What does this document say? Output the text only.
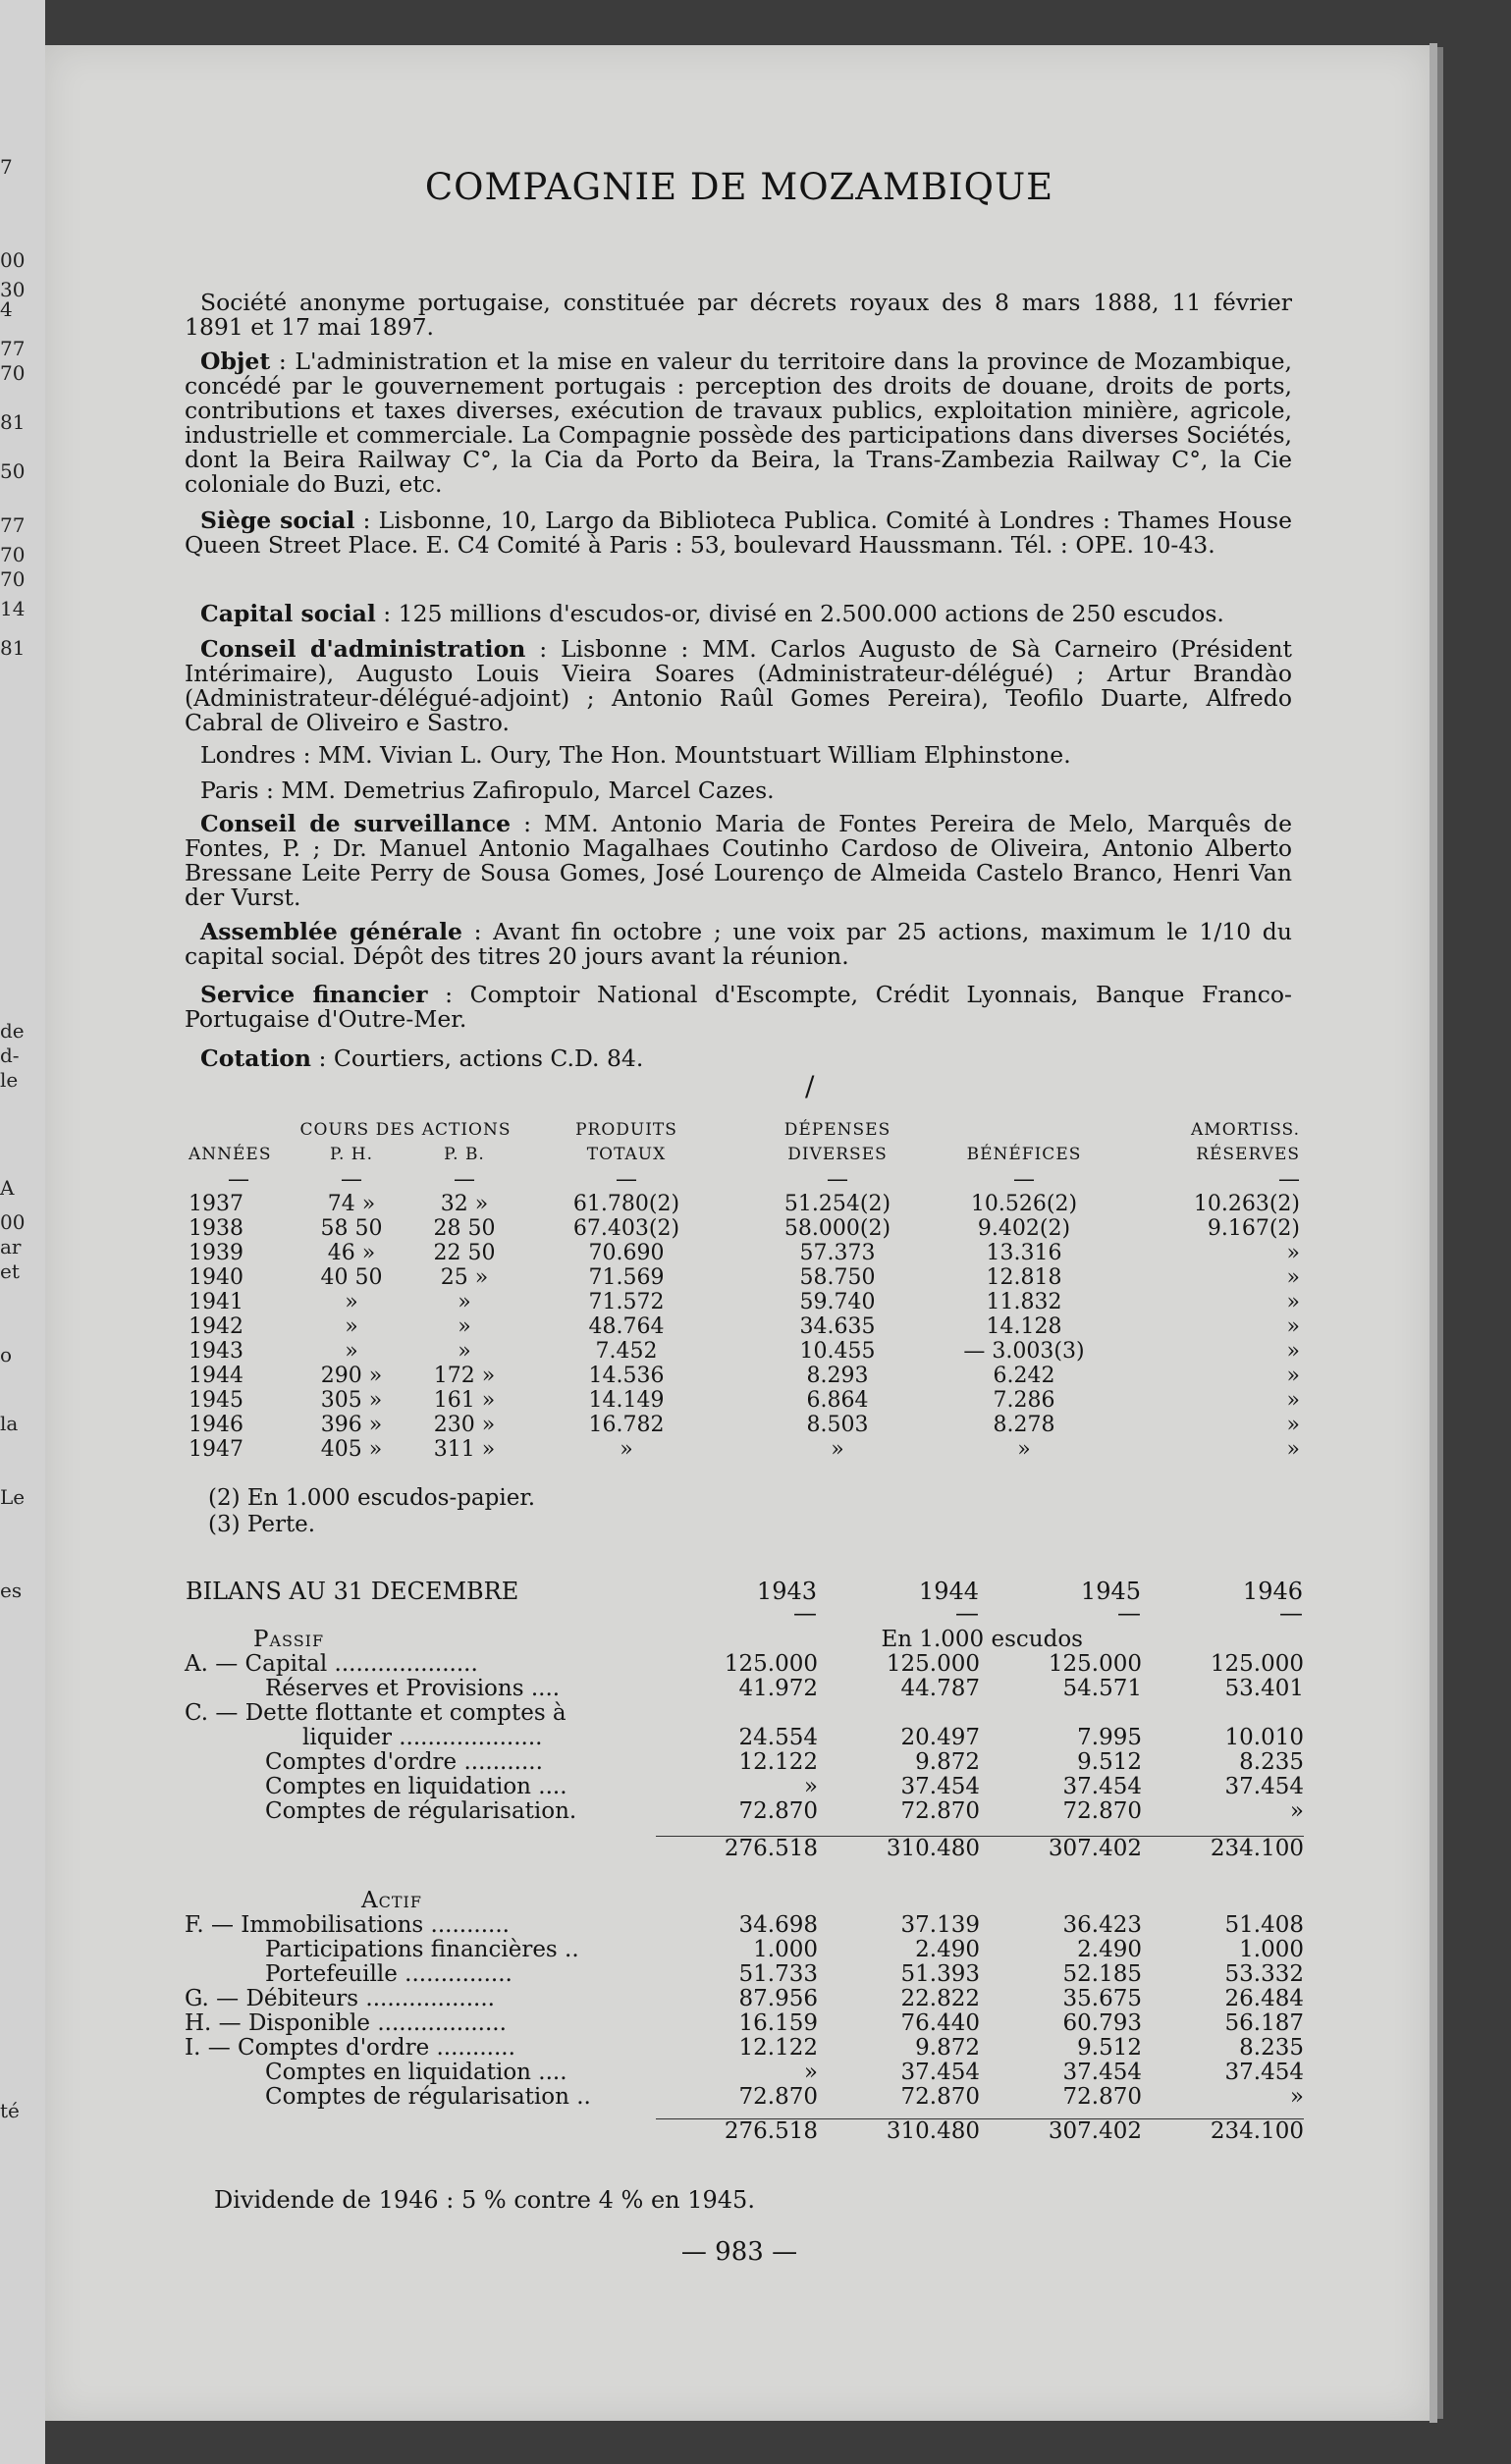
7
00
30
4
77
70
81
50
77
70
70
14
81
de
d-
le
A
00
ar
et
o
la
Le
es
té
COMPAGNIE DE MOZAMBIQUE
Société anonyme portugaise, constituée par décrets royaux des 8 mars 1888, 11 février 1891 et 17 mai 1897.
Objet : L'administration et la mise en valeur du territoire dans la province de Mozambique, concédé par le gouvernement portugais : perception des droits de douane, droits de ports, contributions et taxes diverses, exécution de travaux publics, exploitation minière, agricole, industrielle et commerciale. La Compagnie possède des participations dans diverses Sociétés, dont la Beira Railway C°, la Cia da Porto da Beira, la Trans-Zambezia Railway C°, la Cie coloniale do Buzi, etc.
Siège social : Lisbonne, 10, Largo da Biblioteca Publica. Comité à Londres : Thames House Queen Street Place. E. C4 Comité à Paris : 53, boulevard Haussmann. Tél. : OPE. 10-43.
Capital social : 125 millions d'escudos-or, divisé en 2.500.000 actions de 250 escudos.
Conseil d'administration : Lisbonne : MM. Carlos Augusto de Sà Carneiro (Président Intérimaire), Augusto Louis Vieira Soares (Administrateur-délégué) ; Artur Brandào (Administrateur-délégué-adjoint) ; Antonio Raûl Gomes Pereira), Teofilo Duarte, Alfredo Cabral de Oliveiro e Sastro.
Londres : MM. Vivian L. Oury, The Hon. Mountstuart William Elphinstone.
Paris : MM. Demetrius Zafiropulo, Marcel Cazes.
Conseil de surveillance : MM. Antonio Maria de Fontes Pereira de Melo, Marquês de Fontes, P. ; Dr. Manuel Antonio Magalhaes Coutinho Cardoso de Oliveira, Antonio Alberto Bressane Leite Perry de Sousa Gomes, José Lourenço de Almeida Castelo Branco, Henri Van der Vurst.
Assemblée générale : Avant fin octobre ; une voix par 25 actions, maximum le 1/10 du capital social. Dépôt des titres 20 jours avant la réunion.
Service financier : Comptoir National d'Escompte, Crédit Lyonnais, Banque Franco-Portugaise d'Outre-Mer.
Cotation : Courtiers, actions C.D. 84.
/
	COURS DES ACTIONS		PRODUITS	DÉPENSES		AMORTISS.
ANNÉES	P. H.	P. B.	TOTAUX	DIVERSES	BÉNÉFICES	RÉSERVES
—	—	—	—	—	—	—
1937	74 »	32 »	61.780(2)	51.254(2)	10.526(2)	10.263(2)
1938	58 50	28 50	67.403(2)	58.000(2)	9.402(2)	9.167(2)
1939	46 »	22 50	70.690	57.373	13.316	»
1940	40 50	25 »	71.569	58.750	12.818	»
1941	»	»	71.572	59.740	11.832	»
1942	»	»	48.764	34.635	14.128	»
1943	»	»	7.452	10.455	— 3.003(3)	»
1944	290 »	172 »	14.536	8.293	6.242	»
1945	305 »	161 »	14.149	6.864	7.286	»
1946	396 »	230 »	16.782	8.503	8.278	»
1947	405 »	311 »	»	»	»	»
(2) En 1.000 escudos-papier.
(3) Perte.
BILANS AU 31 DECEMBRE	1943	1944	1945	1946
	—	—	—	—
Passif	En 1.000 escudos			
A. — Capital ....................	125.000	125.000	125.000	125.000
Réserves et Provisions ....	41.972	44.787	54.571	53.401
C. — Dette flottante et comptes à				
liquider ....................	24.554	20.497	7.995	10.010
Comptes d'ordre ...........	12.122	9.872	9.512	8.235
Comptes en liquidation ....	»	37.454	37.454	37.454
Comptes de régularisation.	72.870	72.870	72.870	»

	276.518	310.480	307.402	234.100

Actif				
F. — Immobilisations ...........	34.698	37.139	36.423	51.408
Participations financières ..	1.000	2.490	2.490	1.000
Portefeuille ...............	51.733	51.393	52.185	53.332
G. — Débiteurs ..................	87.956	22.822	35.675	26.484
H. — Disponible ..................	16.159	76.440	60.793	56.187
I. — Comptes d'ordre ...........	12.122	9.872	9.512	8.235
Comptes en liquidation ....	»	37.454	37.454	37.454
Comptes de régularisation ..	72.870	72.870	72.870	»

	276.518	310.480	307.402	234.100
Dividende de 1946 : 5 % contre 4 % en 1945.
— 983 —
